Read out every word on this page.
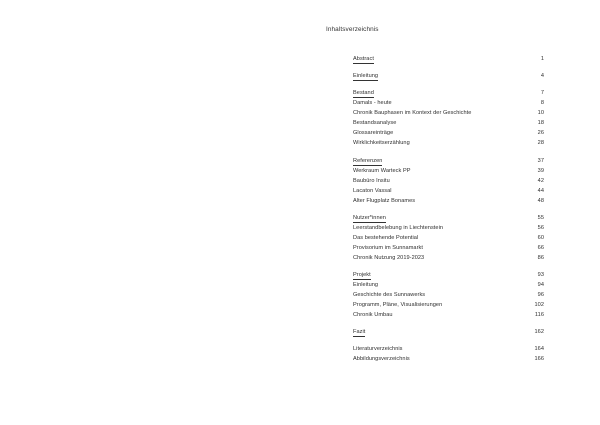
Inhaltsverzeichnis
Abstract	1
Einleitung	4
Bestand	7
Damals - heute	8
Chronik Bauphasen im Kontext der Geschichte	10
Bestandsanalyse	18
Glossareinträge	26
Wirklichkeitserzählung	28
Referenzen	37
Werkraum Warteck PP	39
Baubüro Insitu	42
Lacaton Vassal	44
Alter Flugplatz Bonames	48
Nutzer*innen	55
Leerstandbelebung in Liechtenstein	56
Das bestehende Potential	60
Provisorium im Sunnamarkt	66
Chronik Nutzung 2019-2023	86
Projekt	93
Einleitung	94
Geschichte des Sunnawerks	96
Programm, Pläne, Visualisierungen	102
Chronik Umbau	116
Fazit	162
Literaturverzeichnis	164
Abbildungsverzeichnis	166
